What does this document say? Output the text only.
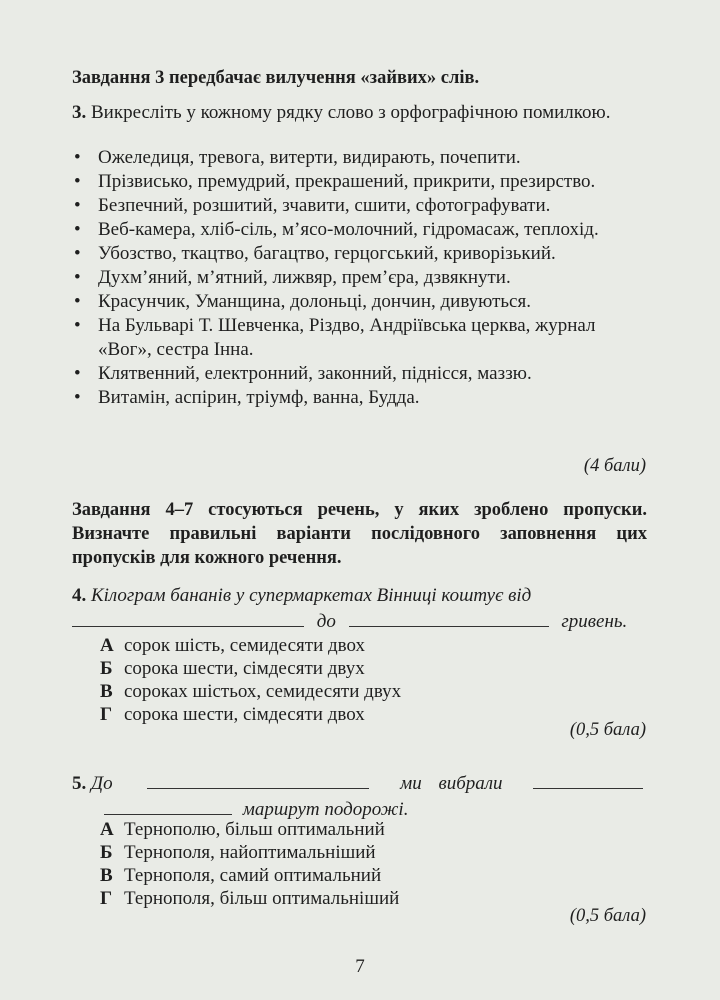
Завдання 3 передбачає вилучення «зайвих» слів.
3. Викресліть у кожному рядку слово з орфографічною помилкою.
• Ожеледиця, тревога, витерти, видирають, почепити.
• Прізвисько, премудрий, прекрашений, прикрити, презирство.
• Безпечний, розшитий, зчавити, сшити, сфотографувати.
• Веб-камера, хліб-сіль, м’ясо-молочний, гідромасаж, теплохід.
• Убозство, ткацтво, багацтво, герцогський, криворізький.
• Духм’яний, м’ятний, лижвяр, прем’єра, дзвякнути.
• Красунчик, Уманщина, долоньці, дончин, дивуються.
• На Бульварі Т. Шевченка, Різдво, Андріївська церква, журнал «Вог», сестра Інна.
• Клятвенний, електронний, законний, піднісся, маззю.
• Витамін, аспірин, тріумф, ванна, Будда.
(4 бали)
Завдання 4–7 стосуються речень, у яких зроблено пропуски. Визначте правильні варіанти послідовного заповнення цих пропусків для кожного речення.
4. Кілограм бананів у супермаркетах Вінниці коштує від
до	гривень.
А сорок шість, семидесяти двох
Б сорока шести, сімдесяти двух
В сороках шістьох, семидесяти двух
Г сорока шести, сімдесяти двох
(0,5 бала)
5. До	ми вибрали
маршрут подорожі.
А Тернополю, більш оптимальний
Б Тернополя, найоптимальніший
В Тернополя, самий оптимальний
Г Тернополя, більш оптимальніший
(0,5 бала)
7
